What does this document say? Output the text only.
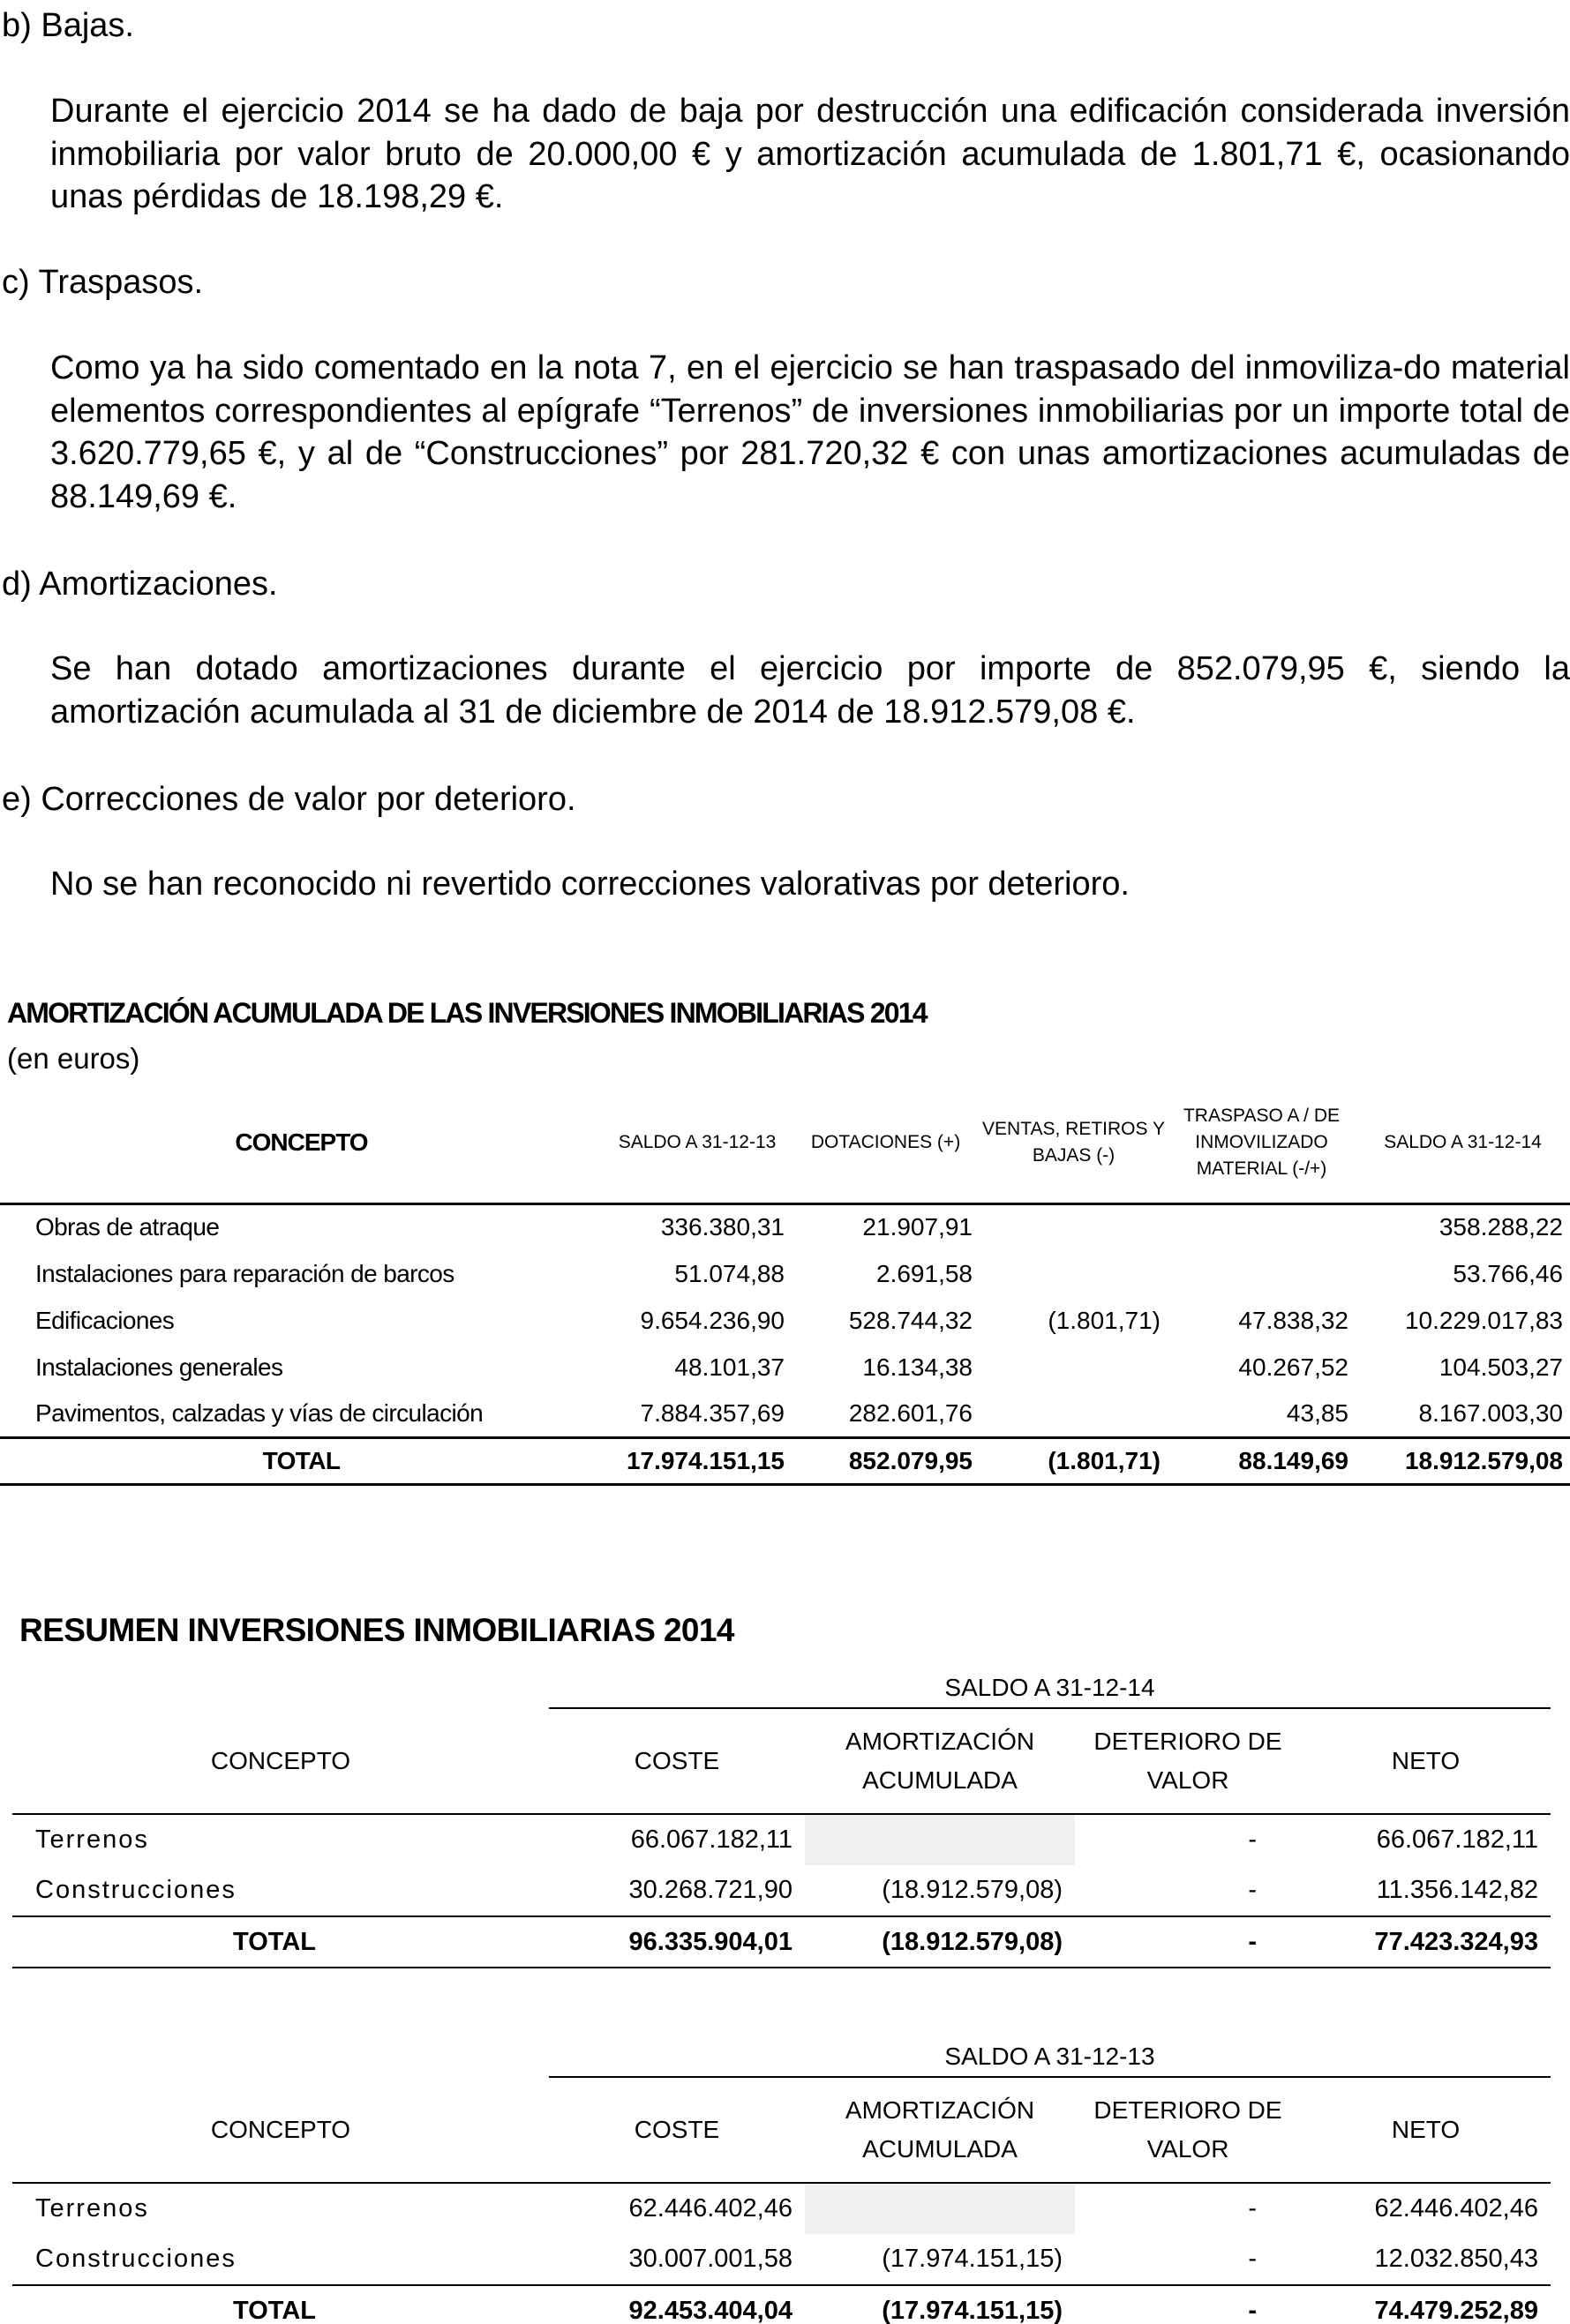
b) Bajas.
Durante el ejercicio 2014 se ha dado de baja por destrucción una edificación considerada inversión inmobiliaria por valor bruto de 20.000,00 € y amortización acumulada de 1.801,71 €, ocasionando unas pérdidas de 18.198,29 €.
c) Traspasos.
Como ya ha sido comentado en la nota 7, en el ejercicio se han traspasado del inmoviliza-do material elementos correspondientes al epígrafe “Terrenos” de inversiones inmobiliarias por un importe total de 3.620.779,65 €, y al de “Construcciones” por 281.720,32 € con unas amortizaciones acumuladas de 88.149,69 €.
d) Amortizaciones.
Se han dotado amortizaciones durante el ejercicio por importe de 852.079,95 €, siendo la amortización acumulada al 31 de diciembre de 2014 de 18.912.579,08 €.
e) Correcciones de valor por deterioro.
No se han reconocido ni revertido correcciones valorativas por deterioro.
AMORTIZACIÓN ACUMULADA DE LAS INVERSIONES INMOBILIARIAS 2014
(en euros)
CONCEPTO	SALDO A 31-12-13	DOTACIONES (+)	VENTAS, RETIROS Y BAJAS (-)	TRASPASO A / DE INMOVILIZADO MATERIAL (-/+)	SALDO A 31-12-14
Obras de atraque	336.380,31	21.907,91			358.288,22
Instalaciones para reparación de barcos	51.074,88	2.691,58			53.766,46
Edificaciones	9.654.236,90	528.744,32	(1.801,71)	47.838,32	10.229.017,83
Instalaciones generales	48.101,37	16.134,38		40.267,52	104.503,27
Pavimentos, calzadas y vías de circulación	7.884.357,69	282.601,76		43,85	8.167.003,30
TOTAL	17.974.151,15	852.079,95	(1.801,71)	88.149,69	18.912.579,08
RESUMEN INVERSIONES INMOBILIARIAS 2014
	SALDO A 31-12-14			
CONCEPTO	COSTE	AMORTIZACIÓN ACUMULADA	DETERIORO DE VALOR	NETO
Terrenos	66.067.182,11		-	66.067.182,11
Construcciones	30.268.721,90	(18.912.579,08)	-	11.356.142,82
TOTAL	96.335.904,01	(18.912.579,08)	-	77.423.324,93
	SALDO A 31-12-13			
CONCEPTO	COSTE	AMORTIZACIÓN ACUMULADA	DETERIORO DE VALOR	NETO
Terrenos	62.446.402,46		-	62.446.402,46
Construcciones	30.007.001,58	(17.974.151,15)	-	12.032.850,43
TOTAL	92.453.404,04	(17.974.151,15)	-	74.479.252,89
